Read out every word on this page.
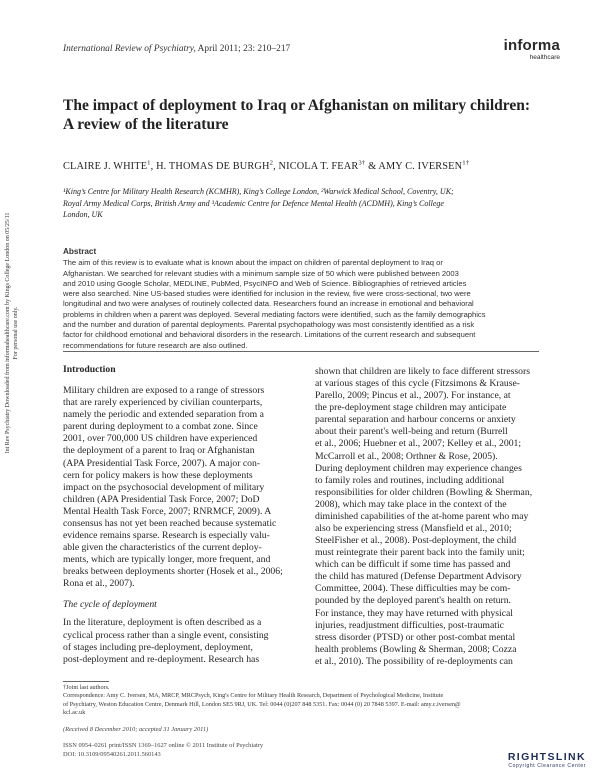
Int Rev Psychiatry Downloaded from informahealthcare.com by Kings College London on 05/25/11 For personal use only.
International Review of Psychiatry, April 2011; 23: 210–217	informa
healthcare
The impact of deployment to Iraq or Afghanistan on military children:
A review of the literature
CLAIRE J. WHITE$^1$, H. THOMAS DE BURGH$^2$, NICOLA T. $FEAR^{3\dagger}$ & AMY C. $IVERSEN^{1\dagger}$
¹King’s Centre for Military Health Research (KCMHR), King’s College London, ²Warwick Medical School, Coventry, UK;
Royal Army Medical Corps, British Army and ³Academic Centre for Defence Mental Health (ACDMH), King’s College
London, UK
Abstract
The aim of this review is to evaluate what is known about the impact on children of parental deployment to Iraq or
Afghanistan. We searched for relevant studies with a minimum sample size of 50 which were published between 2003
and 2010 using Google Scholar, MEDLINE, PubMed, PsycINFO and Web of Science. Bibliographies of retrieved articles
were also searched. Nine US-based studies were identified for inclusion in the review, five were cross-sectional, two were
longitudinal and two were analyses of routinely collected data. Researchers found an increase in emotional and behavioral
problems in children when a parent was deployed. Several mediating factors were identified, such as the family demographics
and the number and duration of parental deployments. Parental psychopathology was most consistently identified as a risk
factor for childhood emotional and behavioral disorders in the research. Limitations of the current research and subsequent
recommendations for future research are also outlined.
Introduction
Military children are exposed to a range of stressors
that are rarely experienced by civilian counterparts,
namely the periodic and extended separation from a
parent during deployment to a combat zone. Since
2001, over 700,000 US children have experienced
the deployment of a parent to Iraq or Afghanistan
(APA Presidential Task Force, 2007). A major con-
cern for policy makers is how these deployments
impact on the psychosocial development of military
children (APA Presidential Task Force, 2007; DoD
Mental Health Task Force, 2007; RNRMCF, 2009). A
consensus has not yet been reached because systematic
evidence remains sparse. Research is especially valu-
able given the characteristics of the current deploy-
ments, which are typically longer, more frequent, and
breaks between deployments shorter (Hosek et al., 2006;
Rona et al., 2007).
The cycle of deployment
In the literature, deployment is often described as a
cyclical process rather than a single event, consisting
of stages including pre-deployment, deployment,
post-deployment and re-deployment. Research has
shown that children are likely to face different stressors
at various stages of this cycle (Fitzsimons & Krause-
Parello, 2009; Pincus et al., 2007). For instance, at
the pre-deployment stage children may anticipate
parental separation and harbour concerns or anxiety
about their parent's well-being and return (Burrell
et al., 2006; Huebner et al., 2007; Kelley et al., 2001;
McCarroll et al., 2008; Orthner & Rose, 2005).
During deployment children may experience changes
to family roles and routines, including additional
responsibilities for older children (Bowling & Sherman,
2008), which may take place in the context of the
diminished capabilities of the at-home parent who may
also be experiencing stress (Mansfield et al., 2010;
SteelFisher et al., 2008). Post-deployment, the child
must reintegrate their parent back into the family unit;
which can be difficult if some time has passed and
the child has matured (Defense Department Advisory
Committee, 2004). These difficulties may be com-
pounded by the deployed parent's health on return.
For instance, they may have returned with physical
injuries, readjustment difficulties, post-traumatic
stress disorder (PTSD) or other post-combat mental
health problems (Bowling & Sherman, 2008; Cozza
et al., 2010). The possibility of re-deployments can
†Joint last authors.
Correspondence: Amy C. Iversen, MA, MRCP, MRCPsych, King's Centre for Military Health Research, Department of Psychological Medicine, Institute
of Psychiatry, Weston Education Centre, Denmark Hill, London SE5 9RJ, UK. Tel: 0044 (0)207 848 5351. Fax: 0044 (0) 20 7848 5397. E-mail: amy.c.iversen@
kcl.ac.uk
(Received 8 December 2010; accepted 31 January 2011)
ISSN 0954–0261 print/ISSN 1369–1627 online © 2011 Institute of Psychiatry
DOI: 10.3109/09540261.2011.560143	RIGHTSLINK
Copyright Clearance Center
